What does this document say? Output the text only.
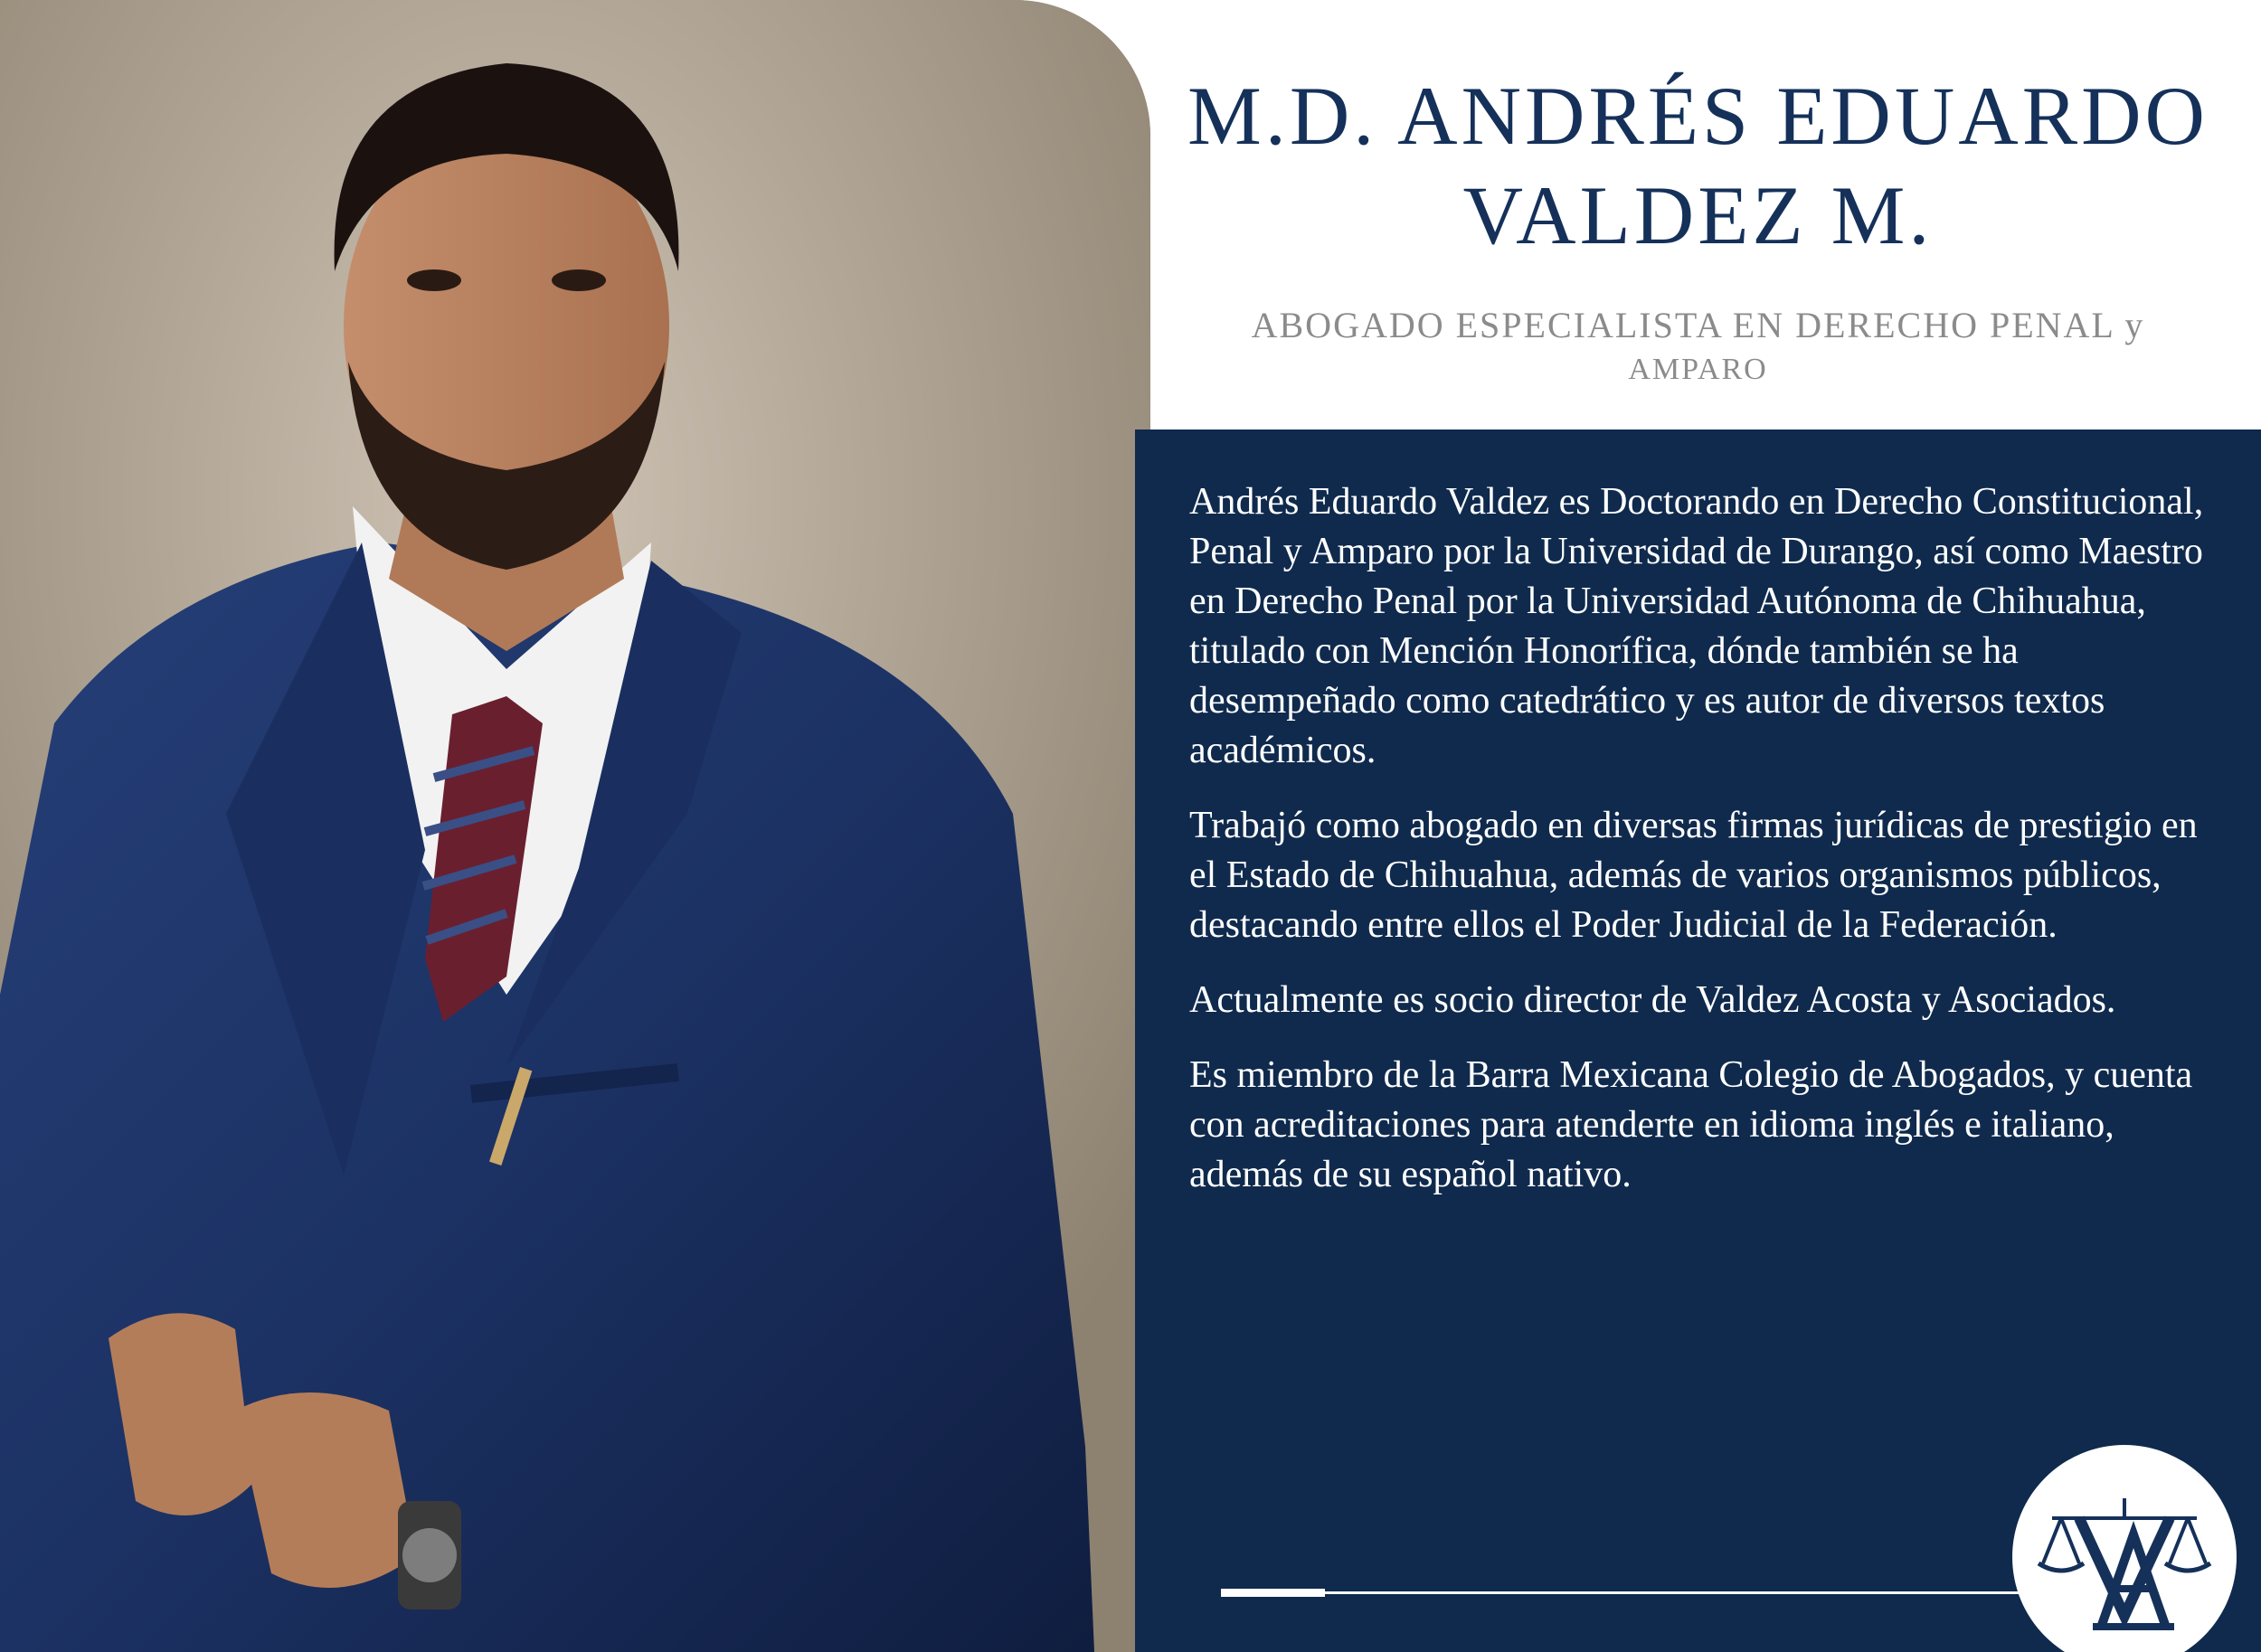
M.D. ANDRÉS EDUARDO
VALDEZ M.
ABOGADO ESPECIALISTA EN DERECHO PENAL y
AMPARO

Andrés Eduardo Valdez es Doctorando en Derecho Constitucional, Penal y Amparo por la Universidad de Durango, así como Maestro en Derecho Penal por la Universidad Autónoma de Chihuahua, titulado con Mención Honorífica, dónde también se ha desempeñado como catedrático y es autor de diversos textos académicos.

Trabajó como abogado en diversas firmas jurídicas de prestigio en el Estado de Chihuahua, además de varios organismos públicos, destacando entre ellos el Poder Judicial de la Federación.

Actualmente es socio director de Valdez Acosta y Asociados.

Es miembro de la Barra Mexicana Colegio de Abogados, y cuenta con acreditaciones para atenderte en idioma inglés e italiano, además de su español nativo.
